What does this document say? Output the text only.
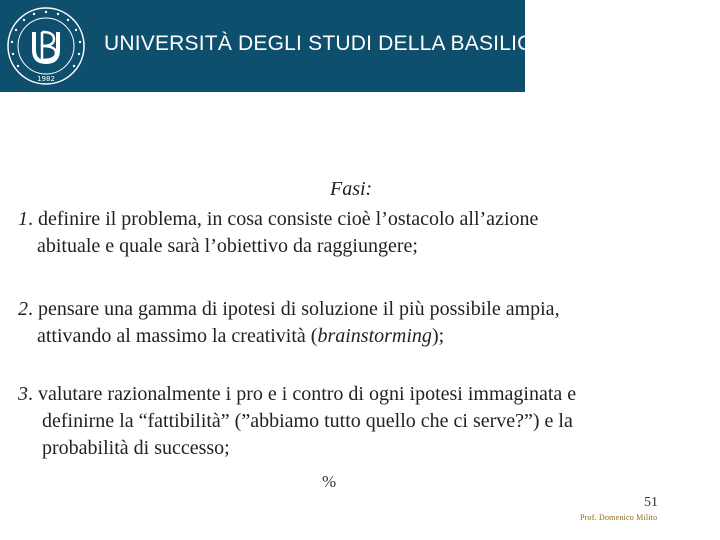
1982
UNIVERSITÀ DEGLI STUDI DELLA BASILICATA
Fasi:
1. definire il problema, in cosa consiste cioè l’ostacolo all’azione
abituale e quale sarà l’obiettivo da raggiungere;
2. pensare una gamma di ipotesi di soluzione il più possibile ampia,
attivando al massimo la creatività (brainstorming);
3. valutare razionalmente i pro e i contro di ogni ipotesi immaginata e
definirne la “fattibilità” (”abbiamo tutto quello che ci serve?”) e la
probabilità di successo;
%
51
Prof. Domenico Milito
